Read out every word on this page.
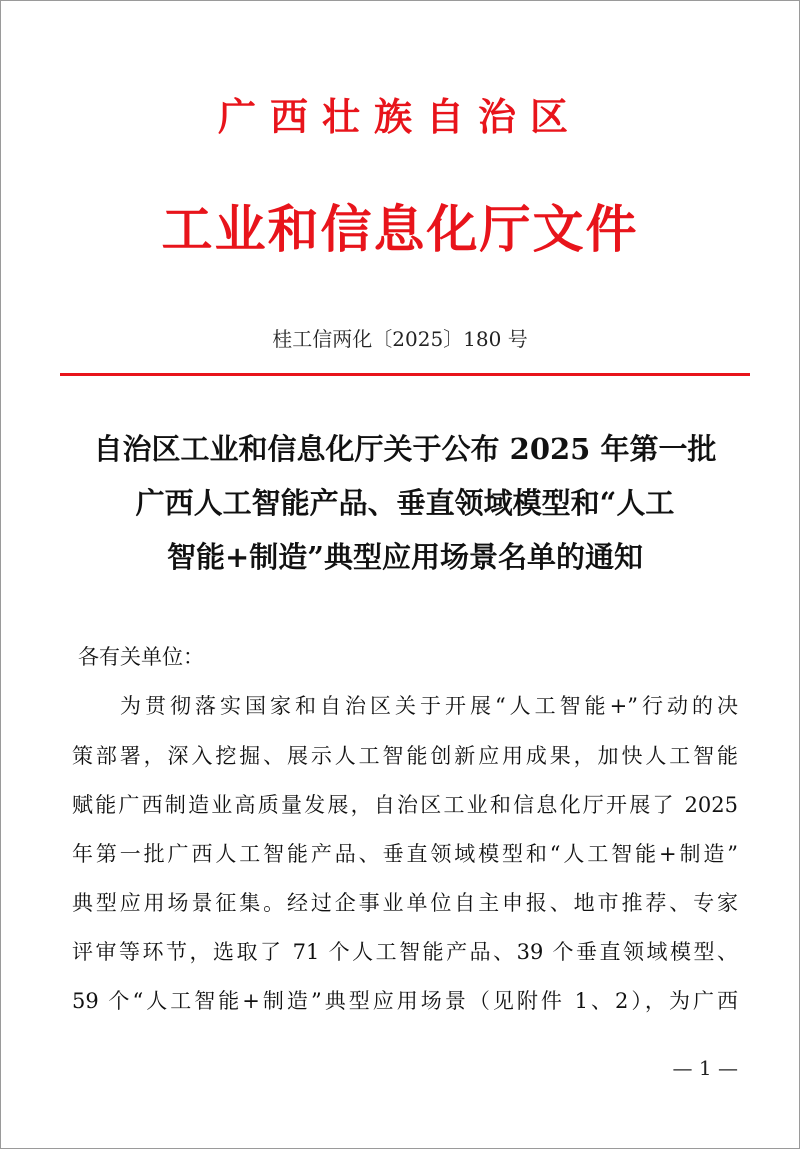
广西壮族自治区
工业和信息化厅文件
桂工信两化〔2025〕180 号
自治区工业和信息化厅关于公布 2025 年第一批
广西人工智能产品、垂直领域模型和“人工
智能+制造”典型应用场景名单的通知
各有关单位：
为贯彻落实国家和自治区关于开展“人工智能+”行动的决
策部署，深入挖掘、展示人工智能创新应用成果，加快人工智能
赋能广西制造业高质量发展，自治区工业和信息化厅开展了 2025
年第一批广西人工智能产品、垂直领域模型和“人工智能+制造”
典型应用场景征集。经过企事业单位自主申报、地市推荐、专家
评审等环节，选取了 71 个人工智能产品、39 个垂直领域模型、
59 个“人工智能+制造”典型应用场景（见附件 1、2），为广西
— 1 —
